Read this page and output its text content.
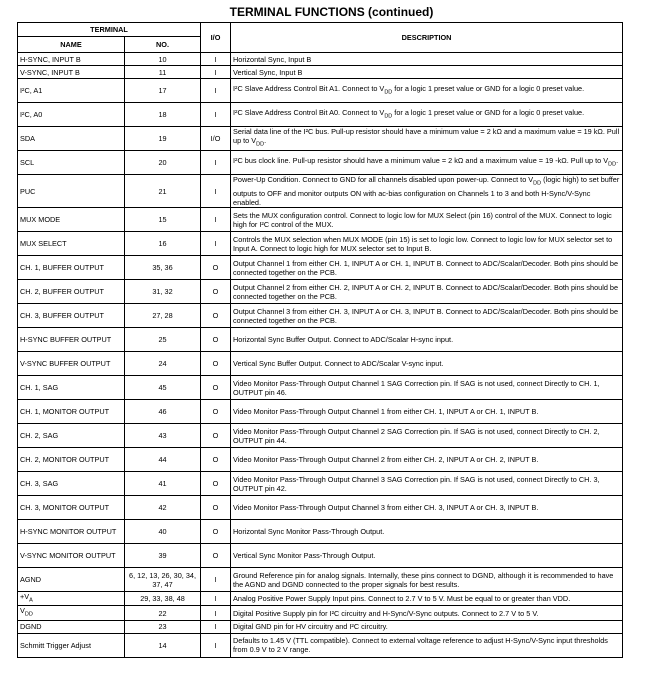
TERMINAL FUNCTIONS (continued)
TERMINAL		I/O	DESCRIPTION
NAME	NO.		
H-SYNC, INPUT B	10	I	Horizontal Sync, Input B
V-SYNC, INPUT B	11	I	Vertical Sync, Input B
I²C, A1	17	I	I²C Slave Address Control Bit A1. Connect to $V_{DD}$ for a logic 1 preset value or GND for a logic 0 preset value.
I²C, A0	18	I	I²C Slave Address Control Bit A0. Connect to $V_{DD}$ for a logic 1 preset value or GND for a logic 0 preset value.
SDA	19	I/O	Serial data line of the I²C bus. Pull-up resistor should have a minimum value = 2 kΩ and a maximum value = 19 kΩ. Pull up to $V_{DD}$.
SCL	20	I	I²C bus clock line. Pull-up resistor should have a minimum value = 2 kΩ and a maximum value = 19 -kΩ. Pull up to $V_{DD}$.
PUC	21	I	Power-Up Condition. Connect to GND for all channels disabled upon power-up. Connect to $V_{DD}$ (logic high) to set buffer outputs to OFF and monitor outputs ON with ac-bias configuration on Channels 1 to 3 and both H-Sync/V-Sync enabled.
MUX MODE	15	I	Sets the MUX configuration control. Connect to logic low for MUX Select (pin 16) control of the MUX. Connect to logic high for I²C control of the MUX.
MUX SELECT	16	I	Controls the MUX selection when MUX MODE (pin 15) is set to logic low. Connect to logic low for MUX selector set to Input A. Connect to logic high for MUX selector set to Input B.
CH. 1, BUFFER OUTPUT	35, 36	O	Output Channel 1 from either CH. 1, INPUT A or CH. 1, INPUT B. Connect to ADC/Scalar/Decoder. Both pins should be connected together on the PCB.
CH. 2, BUFFER OUTPUT	31, 32	O	Output Channel 2 from either CH. 2, INPUT A or CH. 2, INPUT B. Connect to ADC/Scalar/Decoder. Both pins should be connected together on the PCB.
CH. 3, BUFFER OUTPUT	27, 28	O	Output Channel 3 from either CH. 3, INPUT A or CH. 3, INPUT B. Connect to ADC/Scalar/Decoder. Both pins should be connected together on the PCB.
H-SYNC BUFFER OUTPUT	25	O	Horizontal Sync Buffer Output. Connect to ADC/Scalar H-sync input.
V-SYNC BUFFER OUTPUT	24	O	Vertical Sync Buffer Output. Connect to ADC/Scalar V-sync input.
CH. 1, SAG	45	O	Video Monitor Pass-Through Output Channel 1 SAG Correction pin. If SAG is not used, connect Directly to CH. 1, OUTPUT pin 46.
CH. 1, MONITOR OUTPUT	46	O	Video Monitor Pass-Through Output Channel 1 from either CH. 1, INPUT A or CH. 1, INPUT B.
CH. 2, SAG	43	O	Video Monitor Pass-Through Output Channel 2 SAG Correction pin. If SAG is not used, connect Directly to CH. 2, OUTPUT pin 44.
CH. 2, MONITOR OUTPUT	44	O	Video Monitor Pass-Through Output Channel 2 from either CH. 2, INPUT A or CH. 2, INPUT B.
CH. 3, SAG	41	O	Video Monitor Pass-Through Output Channel 3 SAG Correction pin. If SAG is not used, connect Directly to CH. 3, OUTPUT pin 42.
CH. 3, MONITOR OUTPUT	42	O	Video Monitor Pass-Through Output Channel 3 from either CH. 3, INPUT A or CH. 3, INPUT B.
H-SYNC MONITOR OUTPUT	40	O	Horizontal Sync Monitor Pass-Through Output.
V-SYNC MONITOR OUTPUT	39	O	Vertical Sync Monitor Pass-Through Output.
AGND	6, 12, 13, 26, 30, 34, 37, 47	I	Ground Reference pin for analog signals. Internally, these pins connect to DGND, although it is recommended to have the AGND and DGND connected to the proper signals for best results.
$+V_A$	29, 33, 38, 48	I	Analog Positive Power Supply Input pins. Connect to 2.7 V to 5 V. Must be equal to or greater than VDD.
$V_{DD}$	22	I	Digital Positive Supply pin for I²C circuitry and H-Sync/V-Sync outputs. Connect to 2.7 V to 5 V.
DGND	23	I	Digital GND pin for HV circuitry and I²C circuitry.
Schmitt Trigger Adjust	14	I	Defaults to 1.45 V (TTL compatible). Connect to external voltage reference to adjust H-Sync/V-Sync input thresholds from 0.9 V to 2 V range.
